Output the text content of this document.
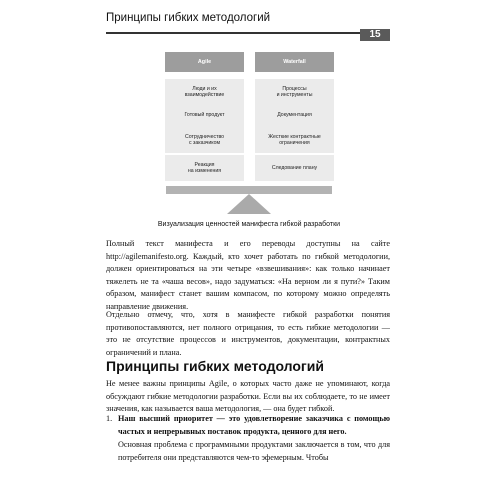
Принципы гибких методологий
15
Agile	Waterfall
Люди и их
взаимодействие
Готовый продукт
Сотрудничество
с заказчиком
Реакция
на изменения
Процессы
и инструменты
Документация
Жесткие контрактные
ограничения
Следование плану
Визуализация ценностей манифеста гибкой разработки

Полный текст манифеста и его переводы доступны на сайте http://agilemanifesto.org. Каждый, кто хочет работать по гибкой методологии, должен ориентироваться на эти четыре «взвешивания»: как только начинает тяжелеть не та «чаша весов», надо задуматься: «На верном ли я пути?» Таким образом, манифест станет вашим компасом, по которому можно определять направление движения.

Отдельно отмечу, что, хотя в манифесте гибкой разработки понятия противопоставляются, нет полного отрицания, то есть гибкие методологии — это не отсутствие процессов и инструментов, документации, контрактных ограничений и плана.

Принципы гибких методологий

Не менее важны принципы Agile, о которых часто даже не упоминают, когда обсуждают гибкие методологии разработки. Если вы их соблюдаете, то не имеет значения, как называется ваша методология, — она будет гибкой.

1. Наш высший приоритет — это удовлетворение заказчика с помощью частых и непрерывных поставок продукта, ценного для него.

Основная проблема с программными продуктами заключается в том, что для потребителя они представляются чем-то эфемерным. Чтобы
